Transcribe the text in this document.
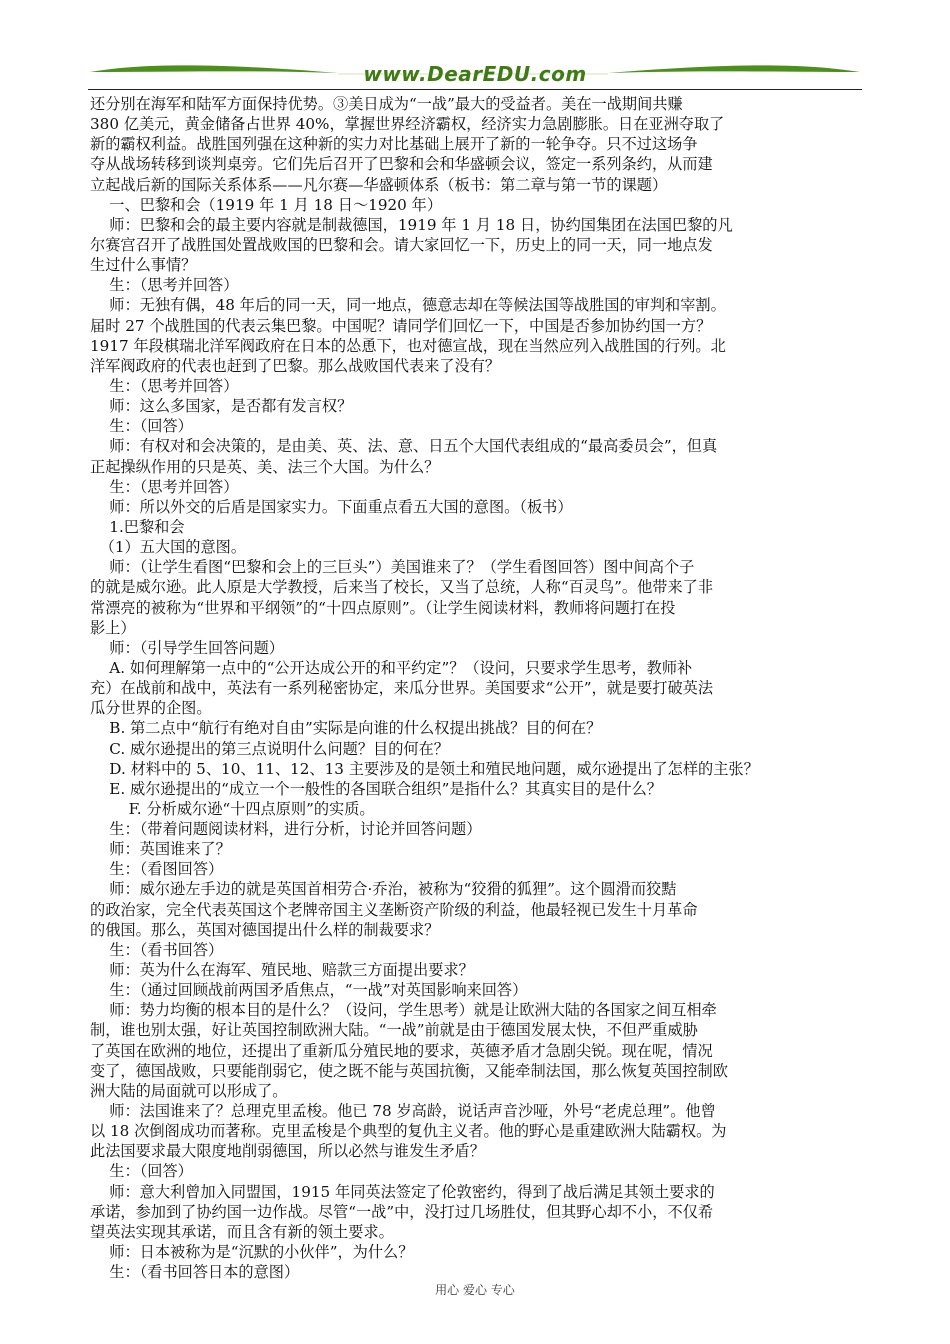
www.DearEDU.com
还分别在海军和陆军方面保持优势。③美日成为“一战”最大的受益者。美在一战期间共赚
380 亿美元，黄金储备占世界 40%，掌握世界经济霸权，经济实力急剧膨胀。日在亚洲夺取了
新的霸权利益。战胜国列强在这种新的实力对比基础上展开了新的一轮争夺。只不过这场争
夺从战场转移到谈判桌旁。它们先后召开了巴黎和会和华盛顿会议，签定一系列条约，从而建
立起战后新的国际关系体系——凡尔赛—华盛顿体系（板书：第二章与第一节的课题）
一、巴黎和会（1919 年 1 月 18 日～1920 年）
师：巴黎和会的最主要内容就是制裁德国，1919 年 1 月 18 日，协约国集团在法国巴黎的凡
尔赛宫召开了战胜国处置战败国的巴黎和会。请大家回忆一下，历史上的同一天，同一地点发
生过什么事情？
生：（思考并回答）
师：无独有偶，48 年后的同一天，同一地点，德意志却在等候法国等战胜国的审判和宰割。
届时 27 个战胜国的代表云集巴黎。中国呢？请同学们回忆一下，中国是否参加协约国一方？
1917 年段棋瑞北洋军阀政府在日本的怂恿下，也对德宣战，现在当然应列入战胜国的行列。北
洋军阀政府的代表也赶到了巴黎。那么战败国代表来了没有？
生：（思考并回答）
师：这么多国家，是否都有发言权？
生：（回答）
师：有权对和会决策的，是由美、英、法、意、日五个大国代表组成的“最高委员会”，但真
正起操纵作用的只是英、美、法三个大国。为什么？
生：（思考并回答）
师：所以外交的后盾是国家实力。下面重点看五大国的意图。（板书）
1.巴黎和会
（1）五大国的意图。
师：（让学生看图“巴黎和会上的三巨头”）美国谁来了？（学生看图回答）图中间高个子
的就是威尔逊。此人原是大学教授，后来当了校长，又当了总统，人称“百灵鸟”。他带来了非
常漂亮的被称为“世界和平纲领”的“十四点原则”。（让学生阅读材料，教师将问题打在投
影上）
师：（引导学生回答问题）
A. 如何理解第一点中的“公开达成公开的和平约定”？（设问，只要求学生思考，教师补
充）在战前和战中，英法有一系列秘密协定，来瓜分世界。美国要求“公开”，就是要打破英法
瓜分世界的企图。
B. 第二点中“航行有绝对自由”实际是向谁的什么权提出挑战？目的何在？
C. 威尔逊提出的第三点说明什么问题？目的何在？
D. 材料中的 5、10、11、12、13 主要涉及的是领土和殖民地问题，威尔逊提出了怎样的主张？
E. 威尔逊提出的“成立一个一般性的各国联合组织”是指什么？其真实目的是什么？
F. 分析威尔逊“十四点原则”的实质。
生：（带着问题阅读材料，进行分析，讨论并回答问题）
师：英国谁来了？
生：（看图回答）
师：威尔逊左手边的就是英国首相劳合·乔治，被称为“狡猾的狐狸”。这个圆滑而狡黠
的政治家，完全代表英国这个老牌帝国主义垄断资产阶级的利益，他最轻视已发生十月革命
的俄国。那么，英国对德国提出什么样的制裁要求？
生：（看书回答）
师：英为什么在海军、殖民地、赔款三方面提出要求？
生：（通过回顾战前两国矛盾焦点，“一战”对英国影响来回答）
师：势力均衡的根本目的是什么？（设问，学生思考）就是让欧洲大陆的各国家之间互相牵
制，谁也别太强，好让英国控制欧洲大陆。“一战”前就是由于德国发展太快，不但严重威胁
了英国在欧洲的地位，还提出了重新瓜分殖民地的要求，英德矛盾才急剧尖锐。现在呢，情况
变了，德国战败，只要能削弱它，使之既不能与英国抗衡，又能牵制法国，那么恢复英国控制欧
洲大陆的局面就可以形成了。
师：法国谁来了？总理克里孟梭。他已 78 岁高龄，说话声音沙哑，外号“老虎总理”。他曾
以 18 次倒阁成功而著称。克里孟梭是个典型的复仇主义者。他的野心是重建欧洲大陆霸权。为
此法国要求最大限度地削弱德国，所以必然与谁发生矛盾？
生：（回答）
师：意大利曾加入同盟国，1915 年同英法签定了伦敦密约，得到了战后满足其领土要求的
承诺，参加到了协约国一边作战。尽管“一战”中，没打过几场胜仗，但其野心却不小，不仅希
望英法实现其承诺，而且含有新的领土要求。
师：日本被称为是“沉默的小伙伴”，为什么？
生：（看书回答日本的意图）
用心 爱心 专心
